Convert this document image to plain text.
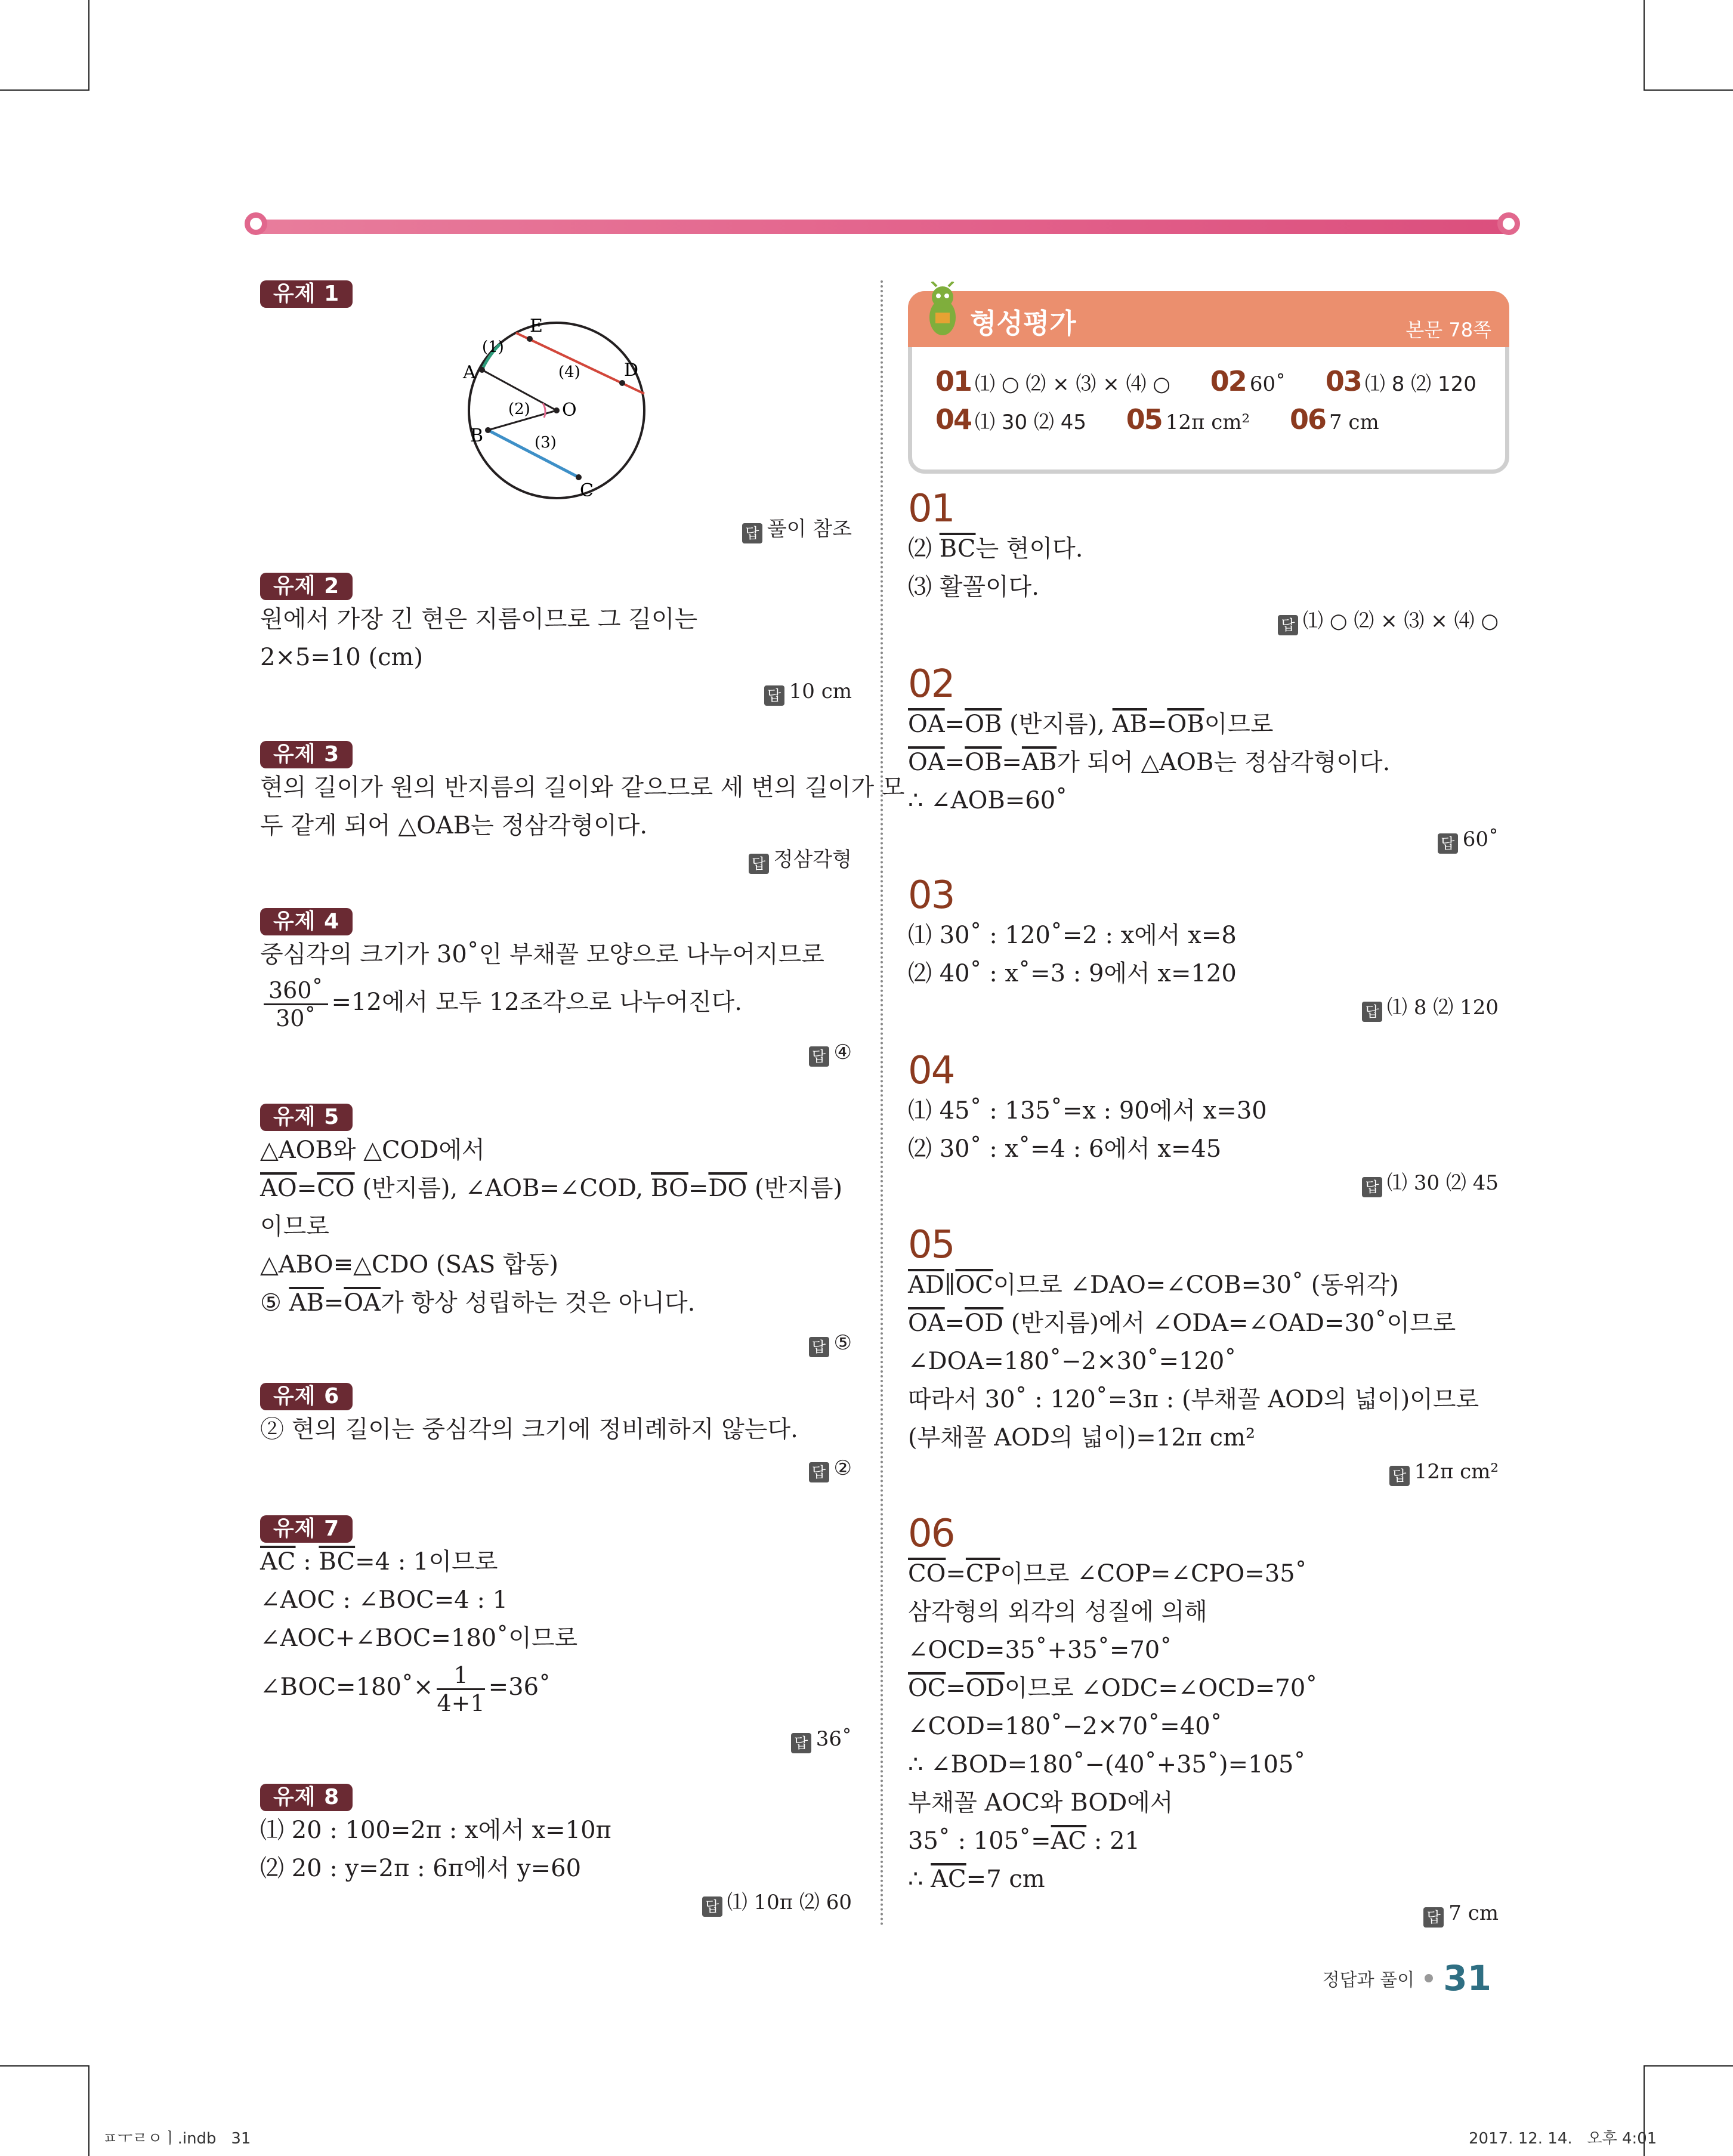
유제 1
E
D
A
B
C
O
(1)
(2)
(3)
(4)
답 풀이 참조
유제 2
원에서 가장 긴 현은 지름이므로 그 길이는
2×5=10 (cm)
답 10 cm
유제 3
현의 길이가 원의 반지름의 길이와 같으므로 세 변의 길이가 모
두 같게 되어 △OAB는 정삼각형이다.
답 정삼각형
유제 4
중심각의 크기가 30˚인 부채꼴 모양으로 나누어지므로
$\frac{360˚}{30˚} =12$에서 모두 12조각으로 나누어진다.
답 ④
유제 5
△AOB와 △COD에서
$\overline{AO}=\overline{CO}$ (반지름), ∠AOB=∠COD, $\overline{BO}=\overline{DO}$ (반지름)
이므로
△ABO≡△CDO (SAS 합동)
⑤ $\overline{AB}=\overline{OA}$가 항상 성립하는 것은 아니다.
답 ⑤
유제 6
② 현의 길이는 중심각의 크기에 정비례하지 않는다.
답 ②
유제 7
$\overline{AC}$ : $\overline{BC}=4$ : 1이므로
∠AOC : ∠BOC=4 : 1
∠AOC+∠BOC=180˚이므로
∠BOC=180˚× $\frac{1}{4+1}$ =36˚
답 36˚
유제 8
⑴ 20 : 100=2π : x에서 x=10π
⑵ 20 : y=2π : 6π에서 y=60
답 ⑴ 10π ⑵ 60
형성평가	본문 78쪽
01 ⑴ ○ ⑵ × ⑶ × ⑷ ○ 02 60˚ 03 ⑴ 8 ⑵ 120
04 ⑴ 30 ⑵ 45 05 12π cm² 06 7 cm
01
⑵ $\overline{BC}$는 현이다.
⑶ 활꼴이다.
답 ⑴ ○ ⑵ × ⑶ × ⑷ ○
02
$\overline{OA}=\overline{OB}$ (반지름), $\overline{AB}=\overline{OB}$이므로
$\overline{OA}=\overline{OB}=\overline{AB}$가 되어 △AOB는 정삼각형이다.
∴ ∠AOB=60˚
답 60˚
03
⑴ 30˚ : 120˚=2 : x에서 x=8
⑵ 40˚ : x˚=3 : 9에서 x=120
답 ⑴ 8 ⑵ 120
04
⑴ 45˚ : 135˚=x : 90에서 x=30
⑵ 30˚ : x˚=4 : 6에서 x=45
답 ⑴ 30 ⑵ 45
05
$\overline{AD}\parallel\overline{OC}$이므로 ∠DAO=∠COB=30˚ (동위각)
$\overline{OA}=\overline{OD}$ (반지름)에서 ∠ODA=∠OAD=30˚이므로
∠DOA=180˚−2×30˚=120˚
따라서 30˚ : 120˚=3π : (부채꼴 AOD의 넓이)이므로
(부채꼴 AOD의 넓이)=12π cm²
답 12π cm²
06
$\overline{CO}=\overline{CP}$이므로 ∠COP=∠CPO=35˚
삼각형의 외각의 성질에 의해
∠OCD=35˚+35˚=70˚
$\overline{OC}=\overline{OD}$이므로 ∠ODC=∠OCD=70˚
∠COD=180˚−2×70˚=40˚
∴ ∠BOD=180˚−(40˚+35˚)=105˚
부채꼴 AOC와 BOD에서
35˚ : $105˚=\overline{AC}$ : 21
∴ $\overline{AC}=7$ cm
답 7 cm
정답과 풀이 31
ㅍㅜㄹㅇㅣ.indb   31	2017. 12. 14.   오후 4:01
